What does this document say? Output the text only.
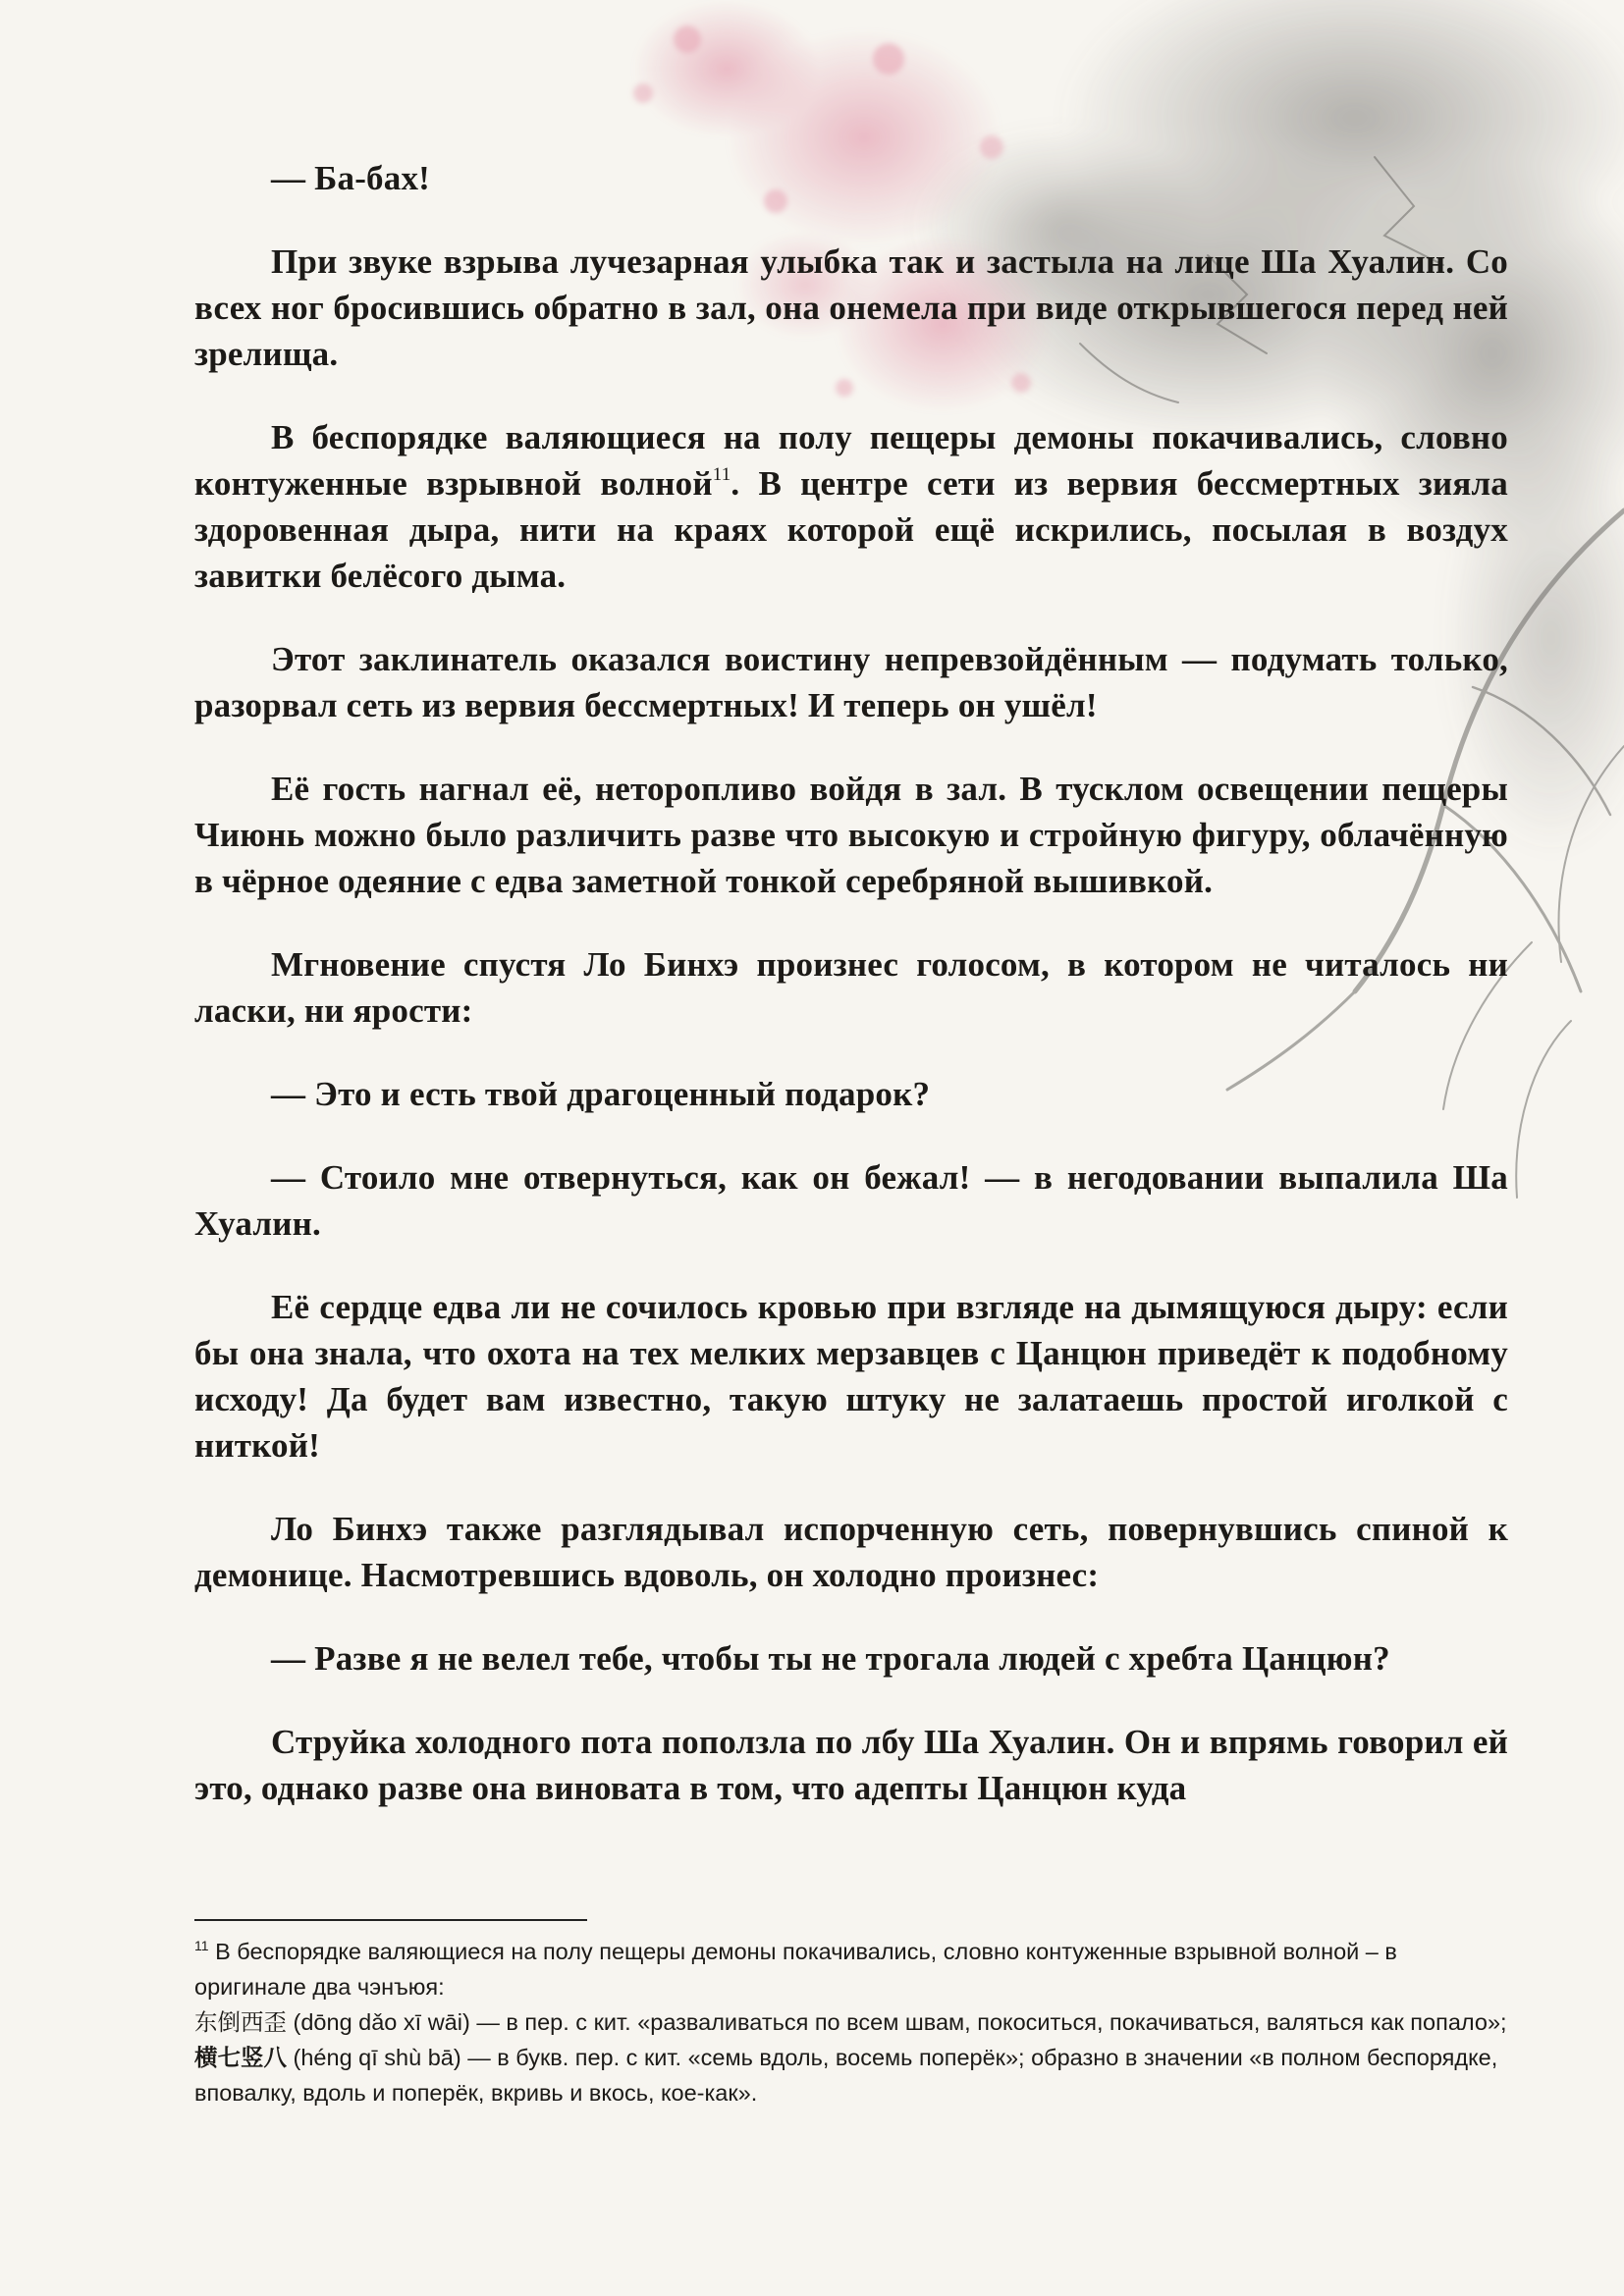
— Ба-бах!

При звуке взрыва лучезарная улыбка так и застыла на лице Ша Хуалин. Со всех ног бросившись обратно в зал, она онемела при виде открывшегося перед ней зрелища.

В беспорядке валяющиеся на полу пещеры демоны покачивались, словно контуженные взрывной волной$^{11}$. В центре сети из вервия бессмертных зияла здоровенная дыра, нити на краях которой ещё искрились, посылая в воздух завитки белёсого дыма.

Этот заклинатель оказался воистину непревзойдённым — подумать только, разорвал сеть из вервия бессмертных! И теперь он ушёл!

Её гость нагнал её, неторопливо войдя в зал. В тусклом освещении пещеры Чиюнь можно было различить разве что высокую и стройную фигуру, облачённую в чёрное одеяние с едва заметной тонкой серебряной вышивкой.

Мгновение спустя Ло Бинхэ произнес голосом, в котором не читалось ни ласки, ни ярости:

— Это и есть твой драгоценный подарок?

— Стоило мне отвернуться, как он бежал! — в негодовании выпалила Ша Хуалин.

Её сердце едва ли не сочилось кровью при взгляде на дымящуюся дыру: если бы она знала, что охота на тех мелких мерзавцев с Цанцюн приведёт к подобному исходу! Да будет вам известно, такую штуку не залатаешь простой иголкой с ниткой!

Ло Бинхэ также разглядывал испорченную сеть, повернувшись спиной к демонице. Насмотревшись вдоволь, он холодно произнес:

— Разве я не велел тебе, чтобы ты не трогала людей с хребта Цанцюн?

Струйка холодного пота поползла по лбу Ша Хуалин. Он и впрямь говорил ей это, однако разве она виновата в том, что адепты Цанцюн куда

$^{11}$ В беспорядке валяющиеся на полу пещеры демоны покачивались, словно контуженные взрывной волной – в оригинале два чэнъюя:

东倒西歪 (dōng dǎo xī wāi) — в пер. с кит. «разваливаться по всем швам, покоситься, покачиваться, валяться как попало»;

横七竖八 (héng qī shù bā) — в букв. пер. с кит. «семь вдоль, восемь поперёк»; образно в значении «в полном беспорядке, вповалку, вдоль и поперёк, вкривь и вкось, кое-как».
